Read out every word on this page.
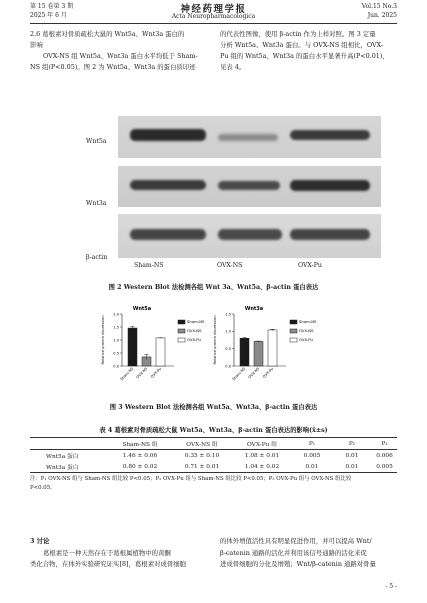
第 15 卷第 3 期
2025 年 6 月
神经药理学报
Acta Neuropharmacologica
Vol.15 No.3
Jun. 2025
2.6 葛根素对骨质疏松大鼠的 Wnt5a、Wnt3a 蛋白的
影响
OVX-NS 组 Wnt5a、Wnt3a 蛋白水平均低于 Sham-
NS 组(P<0.05)。图 2 为 Wnt5a、Wnt3a 的蛋白质印迹
的代表性图像，使用 β-actin 作为上样对照。图 3 定量
分析 Wnt5a、Wnt3a 蛋白。与 OVX-NS 组相比，OVX-
Pu 组的 Wnt5a、Wnt3a 的蛋白水平显著升高(P<0.01)，
见表 4。
Wnt5a
Wnt3a
β-actin
Sham-NS	OVX-NS	OVX-Pu
图 2 Western Blot 法检测各组 Wnt 3a、Wnt5a、β-actin 蛋白表达
Wnt5a
Relative protein expression
0.0
0.5
1.0
1.5
2.0
Sham-NS OVX-NS OVX-Pu
Sham-NS
OVX-NS
OVX-Pu
Wnt3a
Relative protein expression
0.0
0.5
1.0
1.5
Sham-NS OVX-NS OVX-Pu
Sham-NS
OVX-NS
OVX-Pu
图 3 Western Blot 法检测各组 Wnt5a、Wnt3a、β-actin 蛋白表达
表 4 葛根素对骨质疏松大鼠 Wnt5a、Wnt3a、β-actin 蛋白表达的影响(x̄±s)
	Sham-NS 组	OVX-NS 组	OVX-Pu 组	P₁	P₂	P₃
Wnt5a 蛋白	1.46 ± 0.06	0.35 ± 0.10	1.08 ± 0.01	0.005	0.01	0.006
Wnt3a 蛋白	0.80 ± 0.02	0.71 ± 0.01	1.04 ± 0.02	0.01	0.01	0.005
注：P₁ OVX-NS 组与 Sham-NS 组比较 P<0.05；P₂ OVX-Pu 组与 Sham-NS 组比较 P<0.05；P₃ OVX-Pu 组与 OVX-NS 组比较
P<0.05。
3 讨论
葛根素是一种天然存在于葛根属植物中的黄酮
类化合物，在体外实验研究证实[8]，葛根素对成骨细胞
的体外增值活性具有明显促进作用，并可以提高 Wnt/
β-catenin 通路的活化并利用该信号通路的活化来促
进成骨细胞的分化及增殖；Wnt/β-catenin 通路对骨量
- 5 -
